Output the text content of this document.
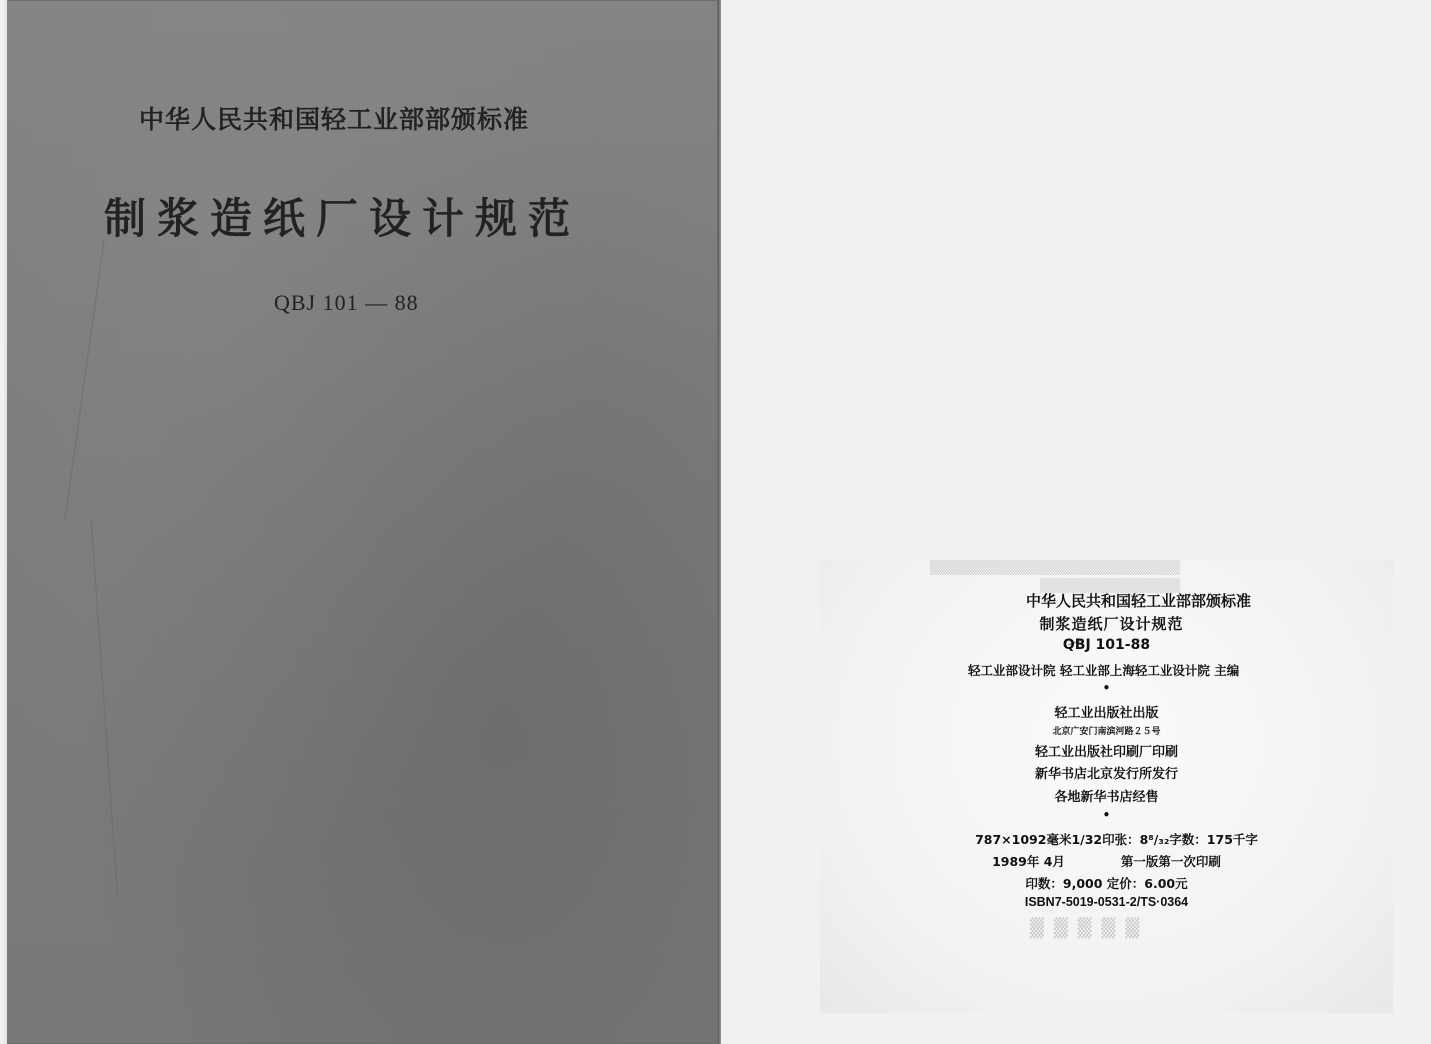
中华人民共和国轻工业部部颁标准
制浆造纸厂设计规范
QBJ 101 — 88
▒▒▒▒▒▒▒▒▒▒▒▒▒▒▒▒▒▒▒▒▒▒▒▒▒
▒▒▒▒▒▒▒▒▒▒▒▒▒▒
▒▒▒▒▒
中华人民共和国轻工业部部颁标准
制浆造纸厂设计规范
QBJ 101-88
轻工业部设计院 轻工业部上海轻工业设计院 主编
•
轻工业出版社出版
北京广安门南滨河路２５号
轻工业出版社印刷厂印刷
新华书店北京发行所发行
各地新华书店经售
•
787×1092毫米1/32印张：8⁸/₃₂字数：175千字
1989年 4月	第一版第一次印刷
印数：9,000 定价：6.00元
ISBN7-5019-0531-2/TS·0364
